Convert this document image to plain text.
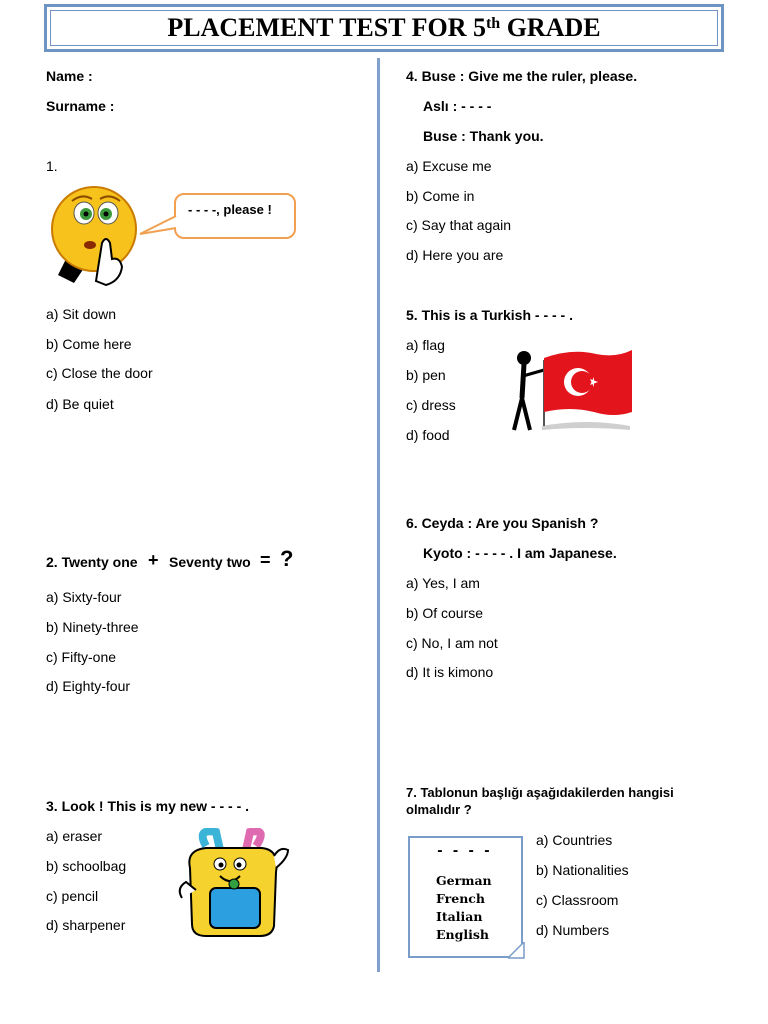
PLACEMENT TEST FOR 5th GRADE
Name :
Surname :
1.
- - - -, please !
a) Sit down
b) Come here
c) Close the door
d) Be quiet
2. Twenty one + Seventy two = ?
a) Sixty-four
b) Ninety-three
c) Fifty-one
d) Eighty-four
3. Look ! This is my new - - - - .
a) eraser
b) schoolbag
c) pencil
d) sharpener
4. Buse : Give me the ruler, please.
Aslı : - - - -
Buse : Thank you.
a) Excuse me
b) Come in
c) Say that again
d) Here you are
5. This is a Turkish - - - - .
a) flag
b) pen
c) dress
d) food
6. Ceyda : Are you Spanish ?
Kyoto : - - - - . I am Japanese.
a) Yes, I am
b) Of course
c) No, I am not
d) It is kimono
7. Tablonun başlığı aşağıdakilerden hangisi
olmalıdır ?
- - - -
German
French
Italian
English
a) Countries
b) Nationalities
c) Classroom
d) Numbers
